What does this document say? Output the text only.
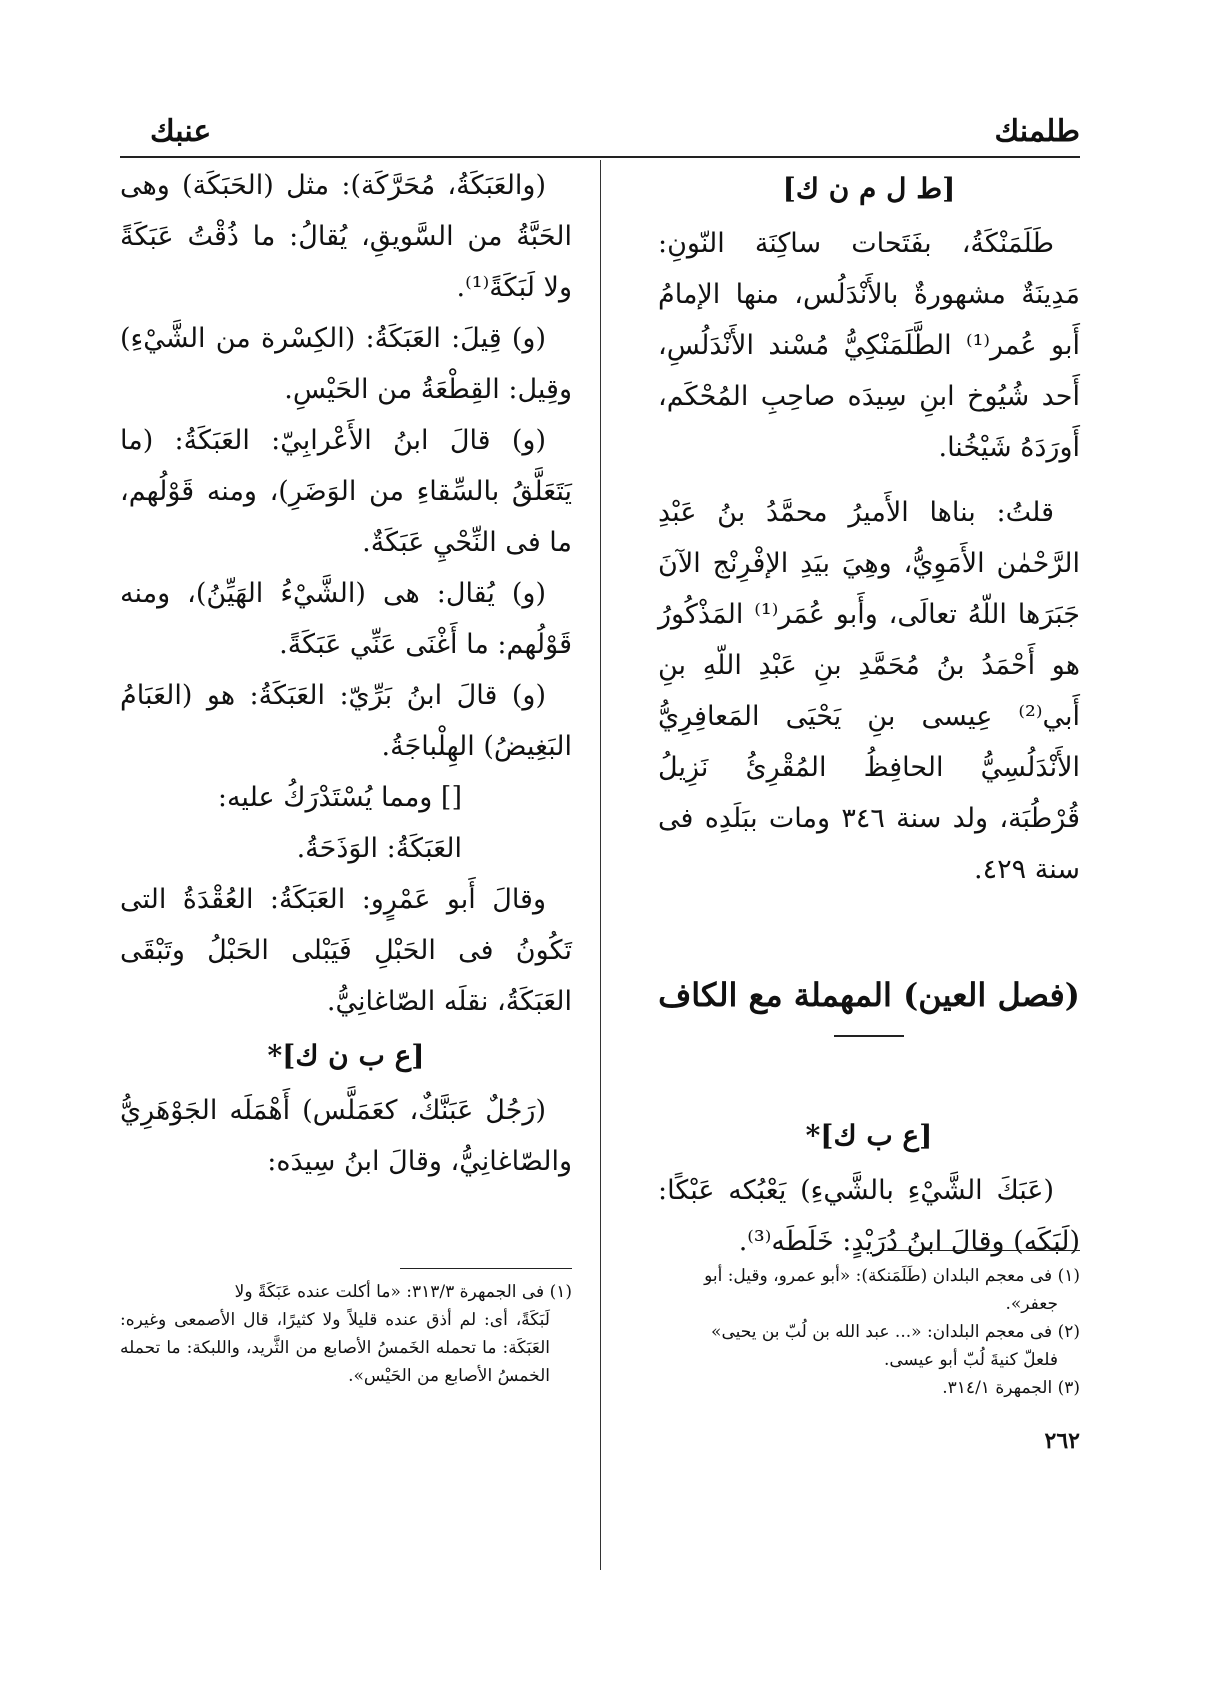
طلمنك
عنبك

[ط ل م ن ك]

طَلَمَنْكَةُ، بفَتَحات ساكِنَة النّونِ: مَدِينَةٌ مشهورةٌ بالأَنْدَلُس، منها الإمامُ أَبو عُمر⁽¹⁾ الطَّلَمَنْكِيُّ مُسْند الأَنْدَلُسِ، أَحد شُيُوخ ابنِ سِيدَه صاحِبِ المُحْكَم، أَورَدَهُ شَيْخُنا.

قلتُ: بناها الأَميرُ محمَّدُ بنُ عَبْدِ الرَّحْمٰن الأَمَوِيُّ، وهِيَ بيَدِ الإفْرِنْج الآنَ جَبَرَها اللّهُ تعالَى، وأَبو عُمَر⁽¹⁾ المَذْكُورُ هو أَحْمَدُ بنُ مُحَمَّدِ بنِ عَبْدِ اللّهِ بنِ أَبي⁽²⁾ عِيسى بنِ يَحْيَى المَعافِرِيُّ الأَنْدَلُسِيُّ الحافِظُ المُقْرِئُ نَزِيلُ قُرْطُبَة، ولد سنة ٣٤٦ ومات ببَلَدِه فى سنة ٤٢٩.

(فصل العين) المهملة مع الكاف

[ع ب ك]*

(عَبَكَ الشَّيْءِ بالشَّيءِ) يَعْبُكه عَبْكًا: (لَبَكَه) وقالَ ابنُ دُرَيْدٍ: خَلَطَه⁽³⁾.

(والعَبَكَةُ، مُحَرَّكَة): مثل (الحَبَكَة) وهى الحَبَّةُ من السَّويقِ، يُقالُ: ما ذُقْتُ عَبَكَةً ولا لَبَكَةً⁽¹⁾.

(و) قِيلَ: العَبَكَةُ: (الكِسْرة من الشَّيْءِ) وقِيل: القِطْعَةُ من الحَيْسِ.

(و) قالَ ابنُ الأَعْرابِيّ: العَبَكَةُ: (ما يَتَعَلَّقُ بالسِّقاءِ من الوَضَرِ)، ومنه قَوْلُهم، ما فى النِّحْيِ عَبَكَةٌ.

(و) يُقال: هى (الشَّيْءُ الهَيِّنُ)، ومنه قَوْلُهم: ما أَغْنَى عَنِّي عَبَكَةً.

(و) قالَ ابنُ بَرِّيّ: العَبَكَةُ: هو (العَبَامُ البَغِيضُ) الهِلْباجَةُ.

[] ومما يُسْتَدْرَكُ عليه:

العَبَكَةُ: الوَذَحَةُ.

وقالَ أَبو عَمْرٍو: العَبَكَةُ: العُقْدَةُ التى تَكُونُ فى الحَبْلِ فَيَبْلى الحَبْلُ وتَبْقَى العَبَكَةُ، نقلَه الصّاغانِيُّ.

[ع ب ن ك]*

(رَجُلٌ عَبَنَّكٌ، كعَمَلَّس) أَهْمَلَه الجَوْهَرِيُّ والصّاغانِيُّ، وقالَ ابنُ سِيدَه:

(١) فى معجم البلدان (طَلَمَنكة): «أبو عمرو، وقيل: أبو

جعفر».

(٢) فى معجم البلدان: «... عبد الله بن لُبّ بن يحيى»

فلعلّ كنيةَ لُبّ أبو عيسى.

(٣) الجمهرة ٣١٤/١.

(١) فى الجمهرة ٣١٣/٣: «ما أكلت عنده عَبَكَةً ولا

لَبَكَةً، أى: لم أذق عنده قليلاً ولا كثيرًا، قال الأصمعى وغيره: العَبَكَة: ما تحمله الخَمسُ الأصابع من الثَّريد، واللبكة: ما تحمله الخمسُ الأصابع من الحَيْس».

٢٦٢
